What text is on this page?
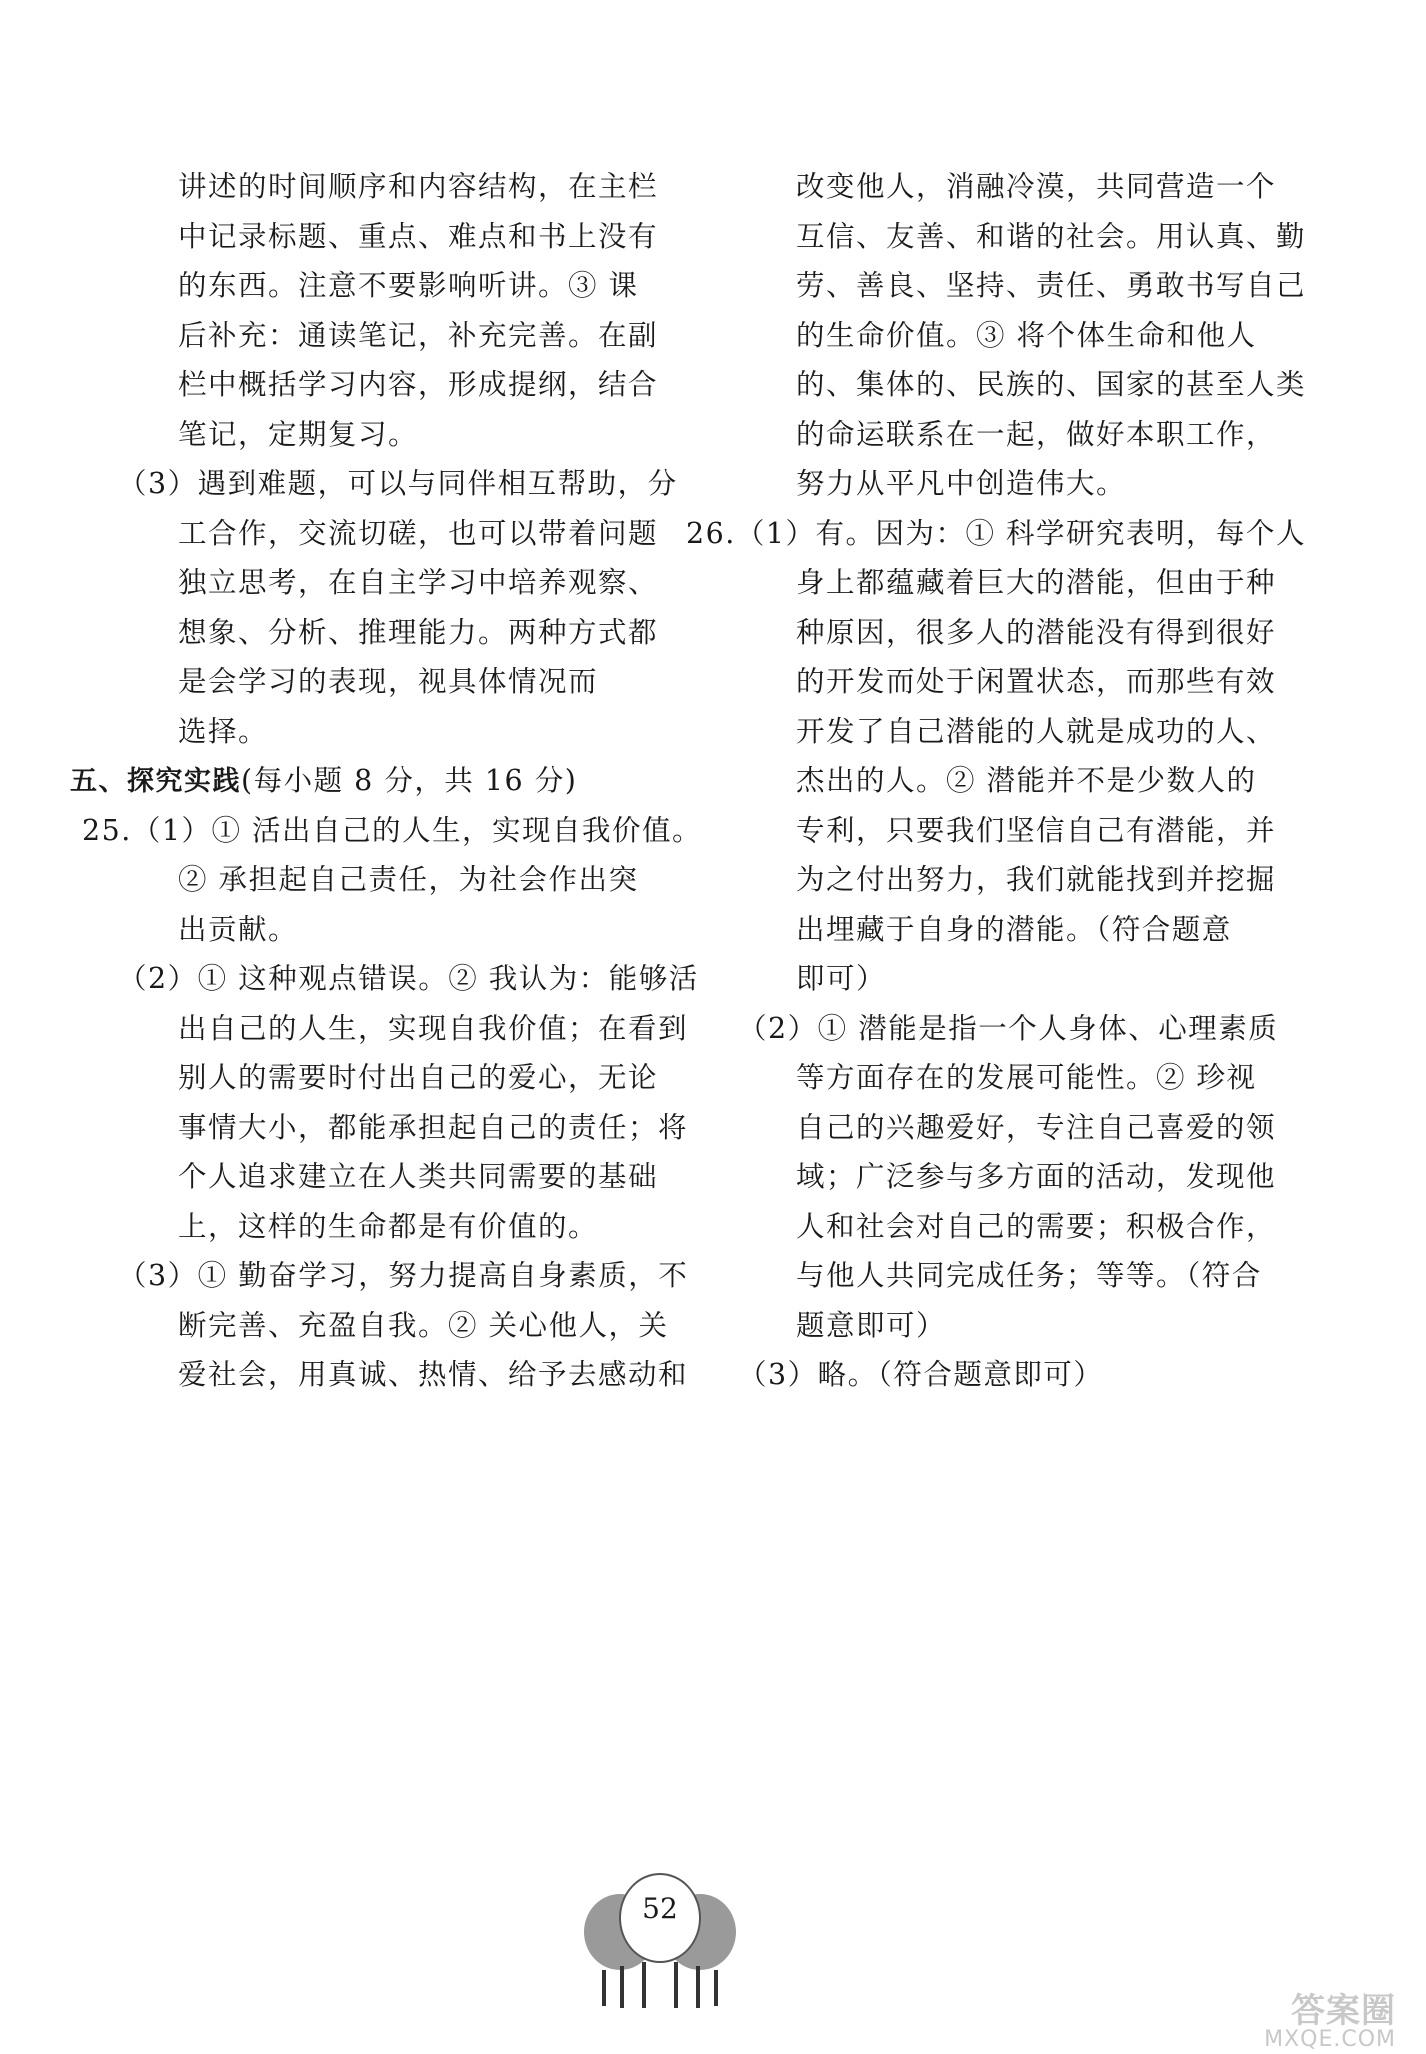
讲述的时间顺序和内容结构，在主栏
中记录标题、重点、难点和书上没有
的东西。注意不要影响听讲。③ 课
后补充：通读笔记，补充完善。在副
栏中概括学习内容，形成提纲，结合
笔记，定期复习。
（3）遇到难题，可以与同伴相互帮助，分
工合作，交流切磋，也可以带着问题
独立思考，在自主学习中培养观察、
想象、分析、推理能力。两种方式都
是会学习的表现，视具体情况而
选择。
五、探究实践(每小题 8 分，共 16 分)
25.（1）① 活出自己的人生，实现自我价值。
② 承担起自己责任，为社会作出突
出贡献。
（2）① 这种观点错误。② 我认为：能够活
出自己的人生，实现自我价值；在看到
别人的需要时付出自己的爱心，无论
事情大小，都能承担起自己的责任；将
个人追求建立在人类共同需要的基础
上，这样的生命都是有价值的。
（3）① 勤奋学习，努力提高自身素质，不
断完善、充盈自我。② 关心他人，关
爱社会，用真诚、热情、给予去感动和
改变他人，消融冷漠，共同营造一个
互信、友善、和谐的社会。用认真、勤
劳、善良、坚持、责任、勇敢书写自己
的生命价值。③ 将个体生命和他人
的、集体的、民族的、国家的甚至人类
的命运联系在一起，做好本职工作，
努力从平凡中创造伟大。
26.（1）有。因为：① 科学研究表明，每个人
身上都蕴藏着巨大的潜能，但由于种
种原因，很多人的潜能没有得到很好
的开发而处于闲置状态，而那些有效
开发了自己潜能的人就是成功的人、
杰出的人。② 潜能并不是少数人的
专利，只要我们坚信自己有潜能，并
为之付出努力，我们就能找到并挖掘
出埋藏于自身的潜能。（符合题意
即可）
（2）① 潜能是指一个人身体、心理素质
等方面存在的发展可能性。② 珍视
自己的兴趣爱好，专注自己喜爱的领
域；广泛参与多方面的活动，发现他
人和社会对自己的需要；积极合作，
与他人共同完成任务；等等。（符合
题意即可）
（3）略。（符合题意即可）
52
答案圈
MXQE.COM
